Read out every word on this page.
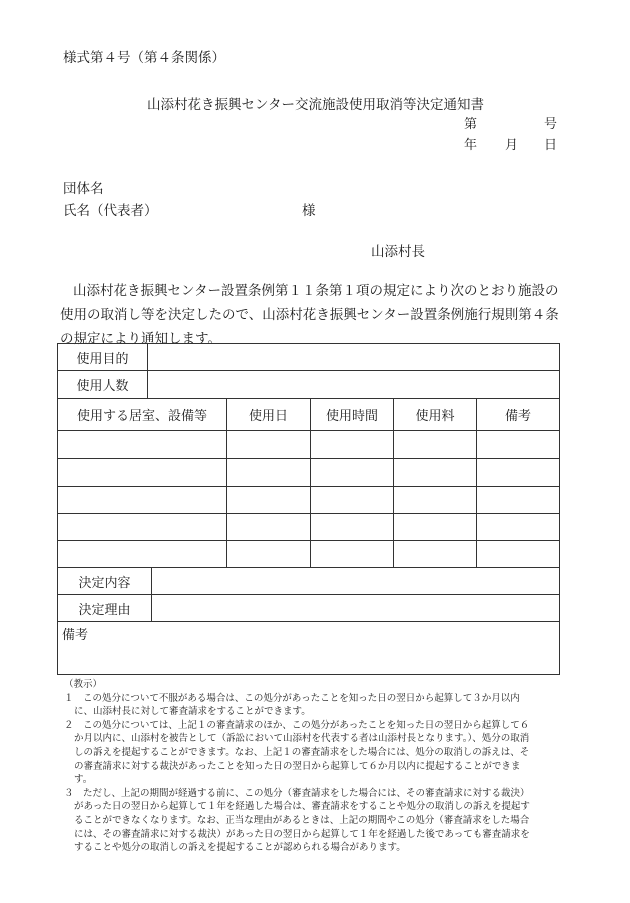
様式第４号（第４条関係）
山添村花き振興センター交流施設使用取消等決定通知書
第	号
年 月 日
団体名
氏名（代表者）	様
山添村長
山添村花き振興センター設置条例第１１条第１項の規定により次のとおり施設の
使用の取消し等を決定したので、山添村花き振興センター設置条例施行規則第４条
の規定により通知します。
使用目的
使用人数
使用する居室、設備等	使用日	使用時間	使用料	備考
決定内容
決定理由
備考
（教示）
１　 この処分について不服がある場合は、この処分があったことを知った日の翌日から起算して３か月以内
に、山添村長に対して審査請求をすることができます。
２　 この処分については、上記１の審査請求のほか、この処分があったことを知った日の翌日から起算して６
か月以内に、山添村を被告として（訴訟において山添村を代表する者は山添村長となります。）、処分の取消
しの訴えを提起することができます。なお、上記１の審査請求をした場合には、処分の取消しの訴えは、そ
の審査請求に対する裁決があったことを知った日の翌日から起算して６か月以内に提起することができま
す。
３　 ただし、上記の期間が経過する前に、この処分（審査請求をした場合には、その審査請求に対する裁決）
があった日の翌日から起算して１年を経過した場合は、審査請求をすることや処分の取消しの訴えを提起す
ることができなくなります。なお、正当な理由があるときは、上記の期間やこの処分（審査請求をした場合
には、その審査請求に対する裁決）があった日の翌日から起算して１年を経過した後であっても審査請求を
することや処分の取消しの訴えを提起することが認められる場合があります。
